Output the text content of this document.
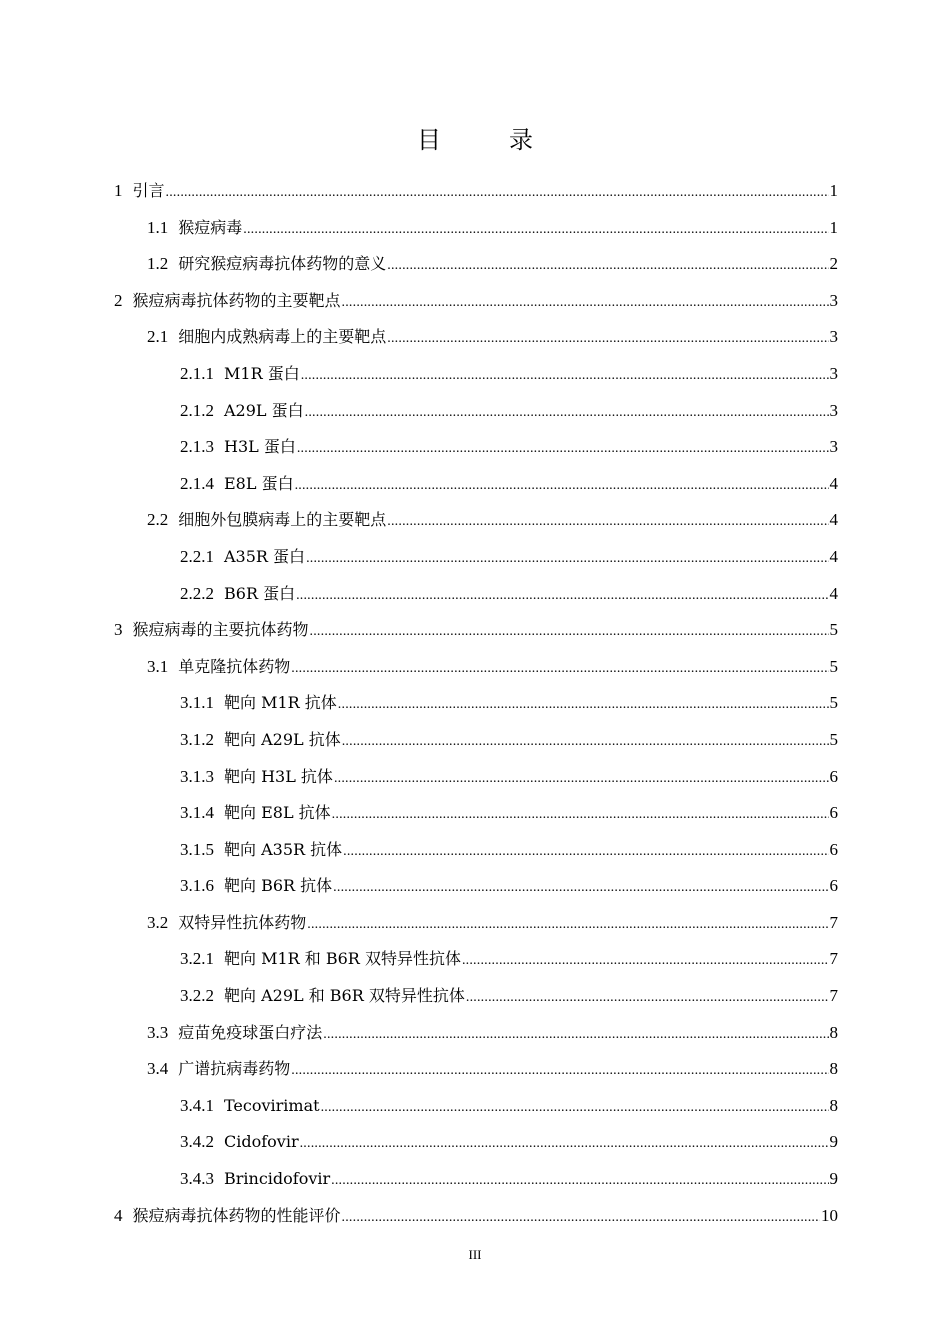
目　录
1 引言 .....	1
1.1 猴痘病毒 .....	1
1.2 研究猴痘病毒抗体药物的意义 .....	2
2 猴痘病毒抗体药物的主要靶点 .....	3
2.1 细胞内成熟病毒上的主要靶点 .....	3
2.1.1 M1R 蛋白 .....	3
2.1.2 A29L 蛋白 .....	3
2.1.3 H3L 蛋白 .....	3
2.1.4 E8L 蛋白 .....	4
2.2 细胞外包膜病毒上的主要靶点 .....	4
2.2.1 A35R 蛋白 .....	4
2.2.2 B6R 蛋白 .....	4
3 猴痘病毒的主要抗体药物 .....	5
3.1 单克隆抗体药物 .....	5
3.1.1 靶向 M1R 抗体 .....	5
3.1.2 靶向 A29L 抗体 .....	5
3.1.3 靶向 H3L 抗体 .....	6
3.1.4 靶向 E8L 抗体 .....	6
3.1.5 靶向 A35R 抗体 .....	6
3.1.6 靶向 B6R 抗体 .....	6
3.2 双特异性抗体药物 .....	7
3.2.1 靶向 M1R 和 B6R 双特异性抗体 .....	7
3.2.2 靶向 A29L 和 B6R 双特异性抗体 .....	7
3.3 痘苗免疫球蛋白疗法 .....	8
3.4 广谱抗病毒药物 .....	8
3.4.1 Tecovirimat .....	8
3.4.2 Cidofovir .....	9
3.4.3 Brincidofovir .....	9
4 猴痘病毒抗体药物的性能评价 .....	10
III
